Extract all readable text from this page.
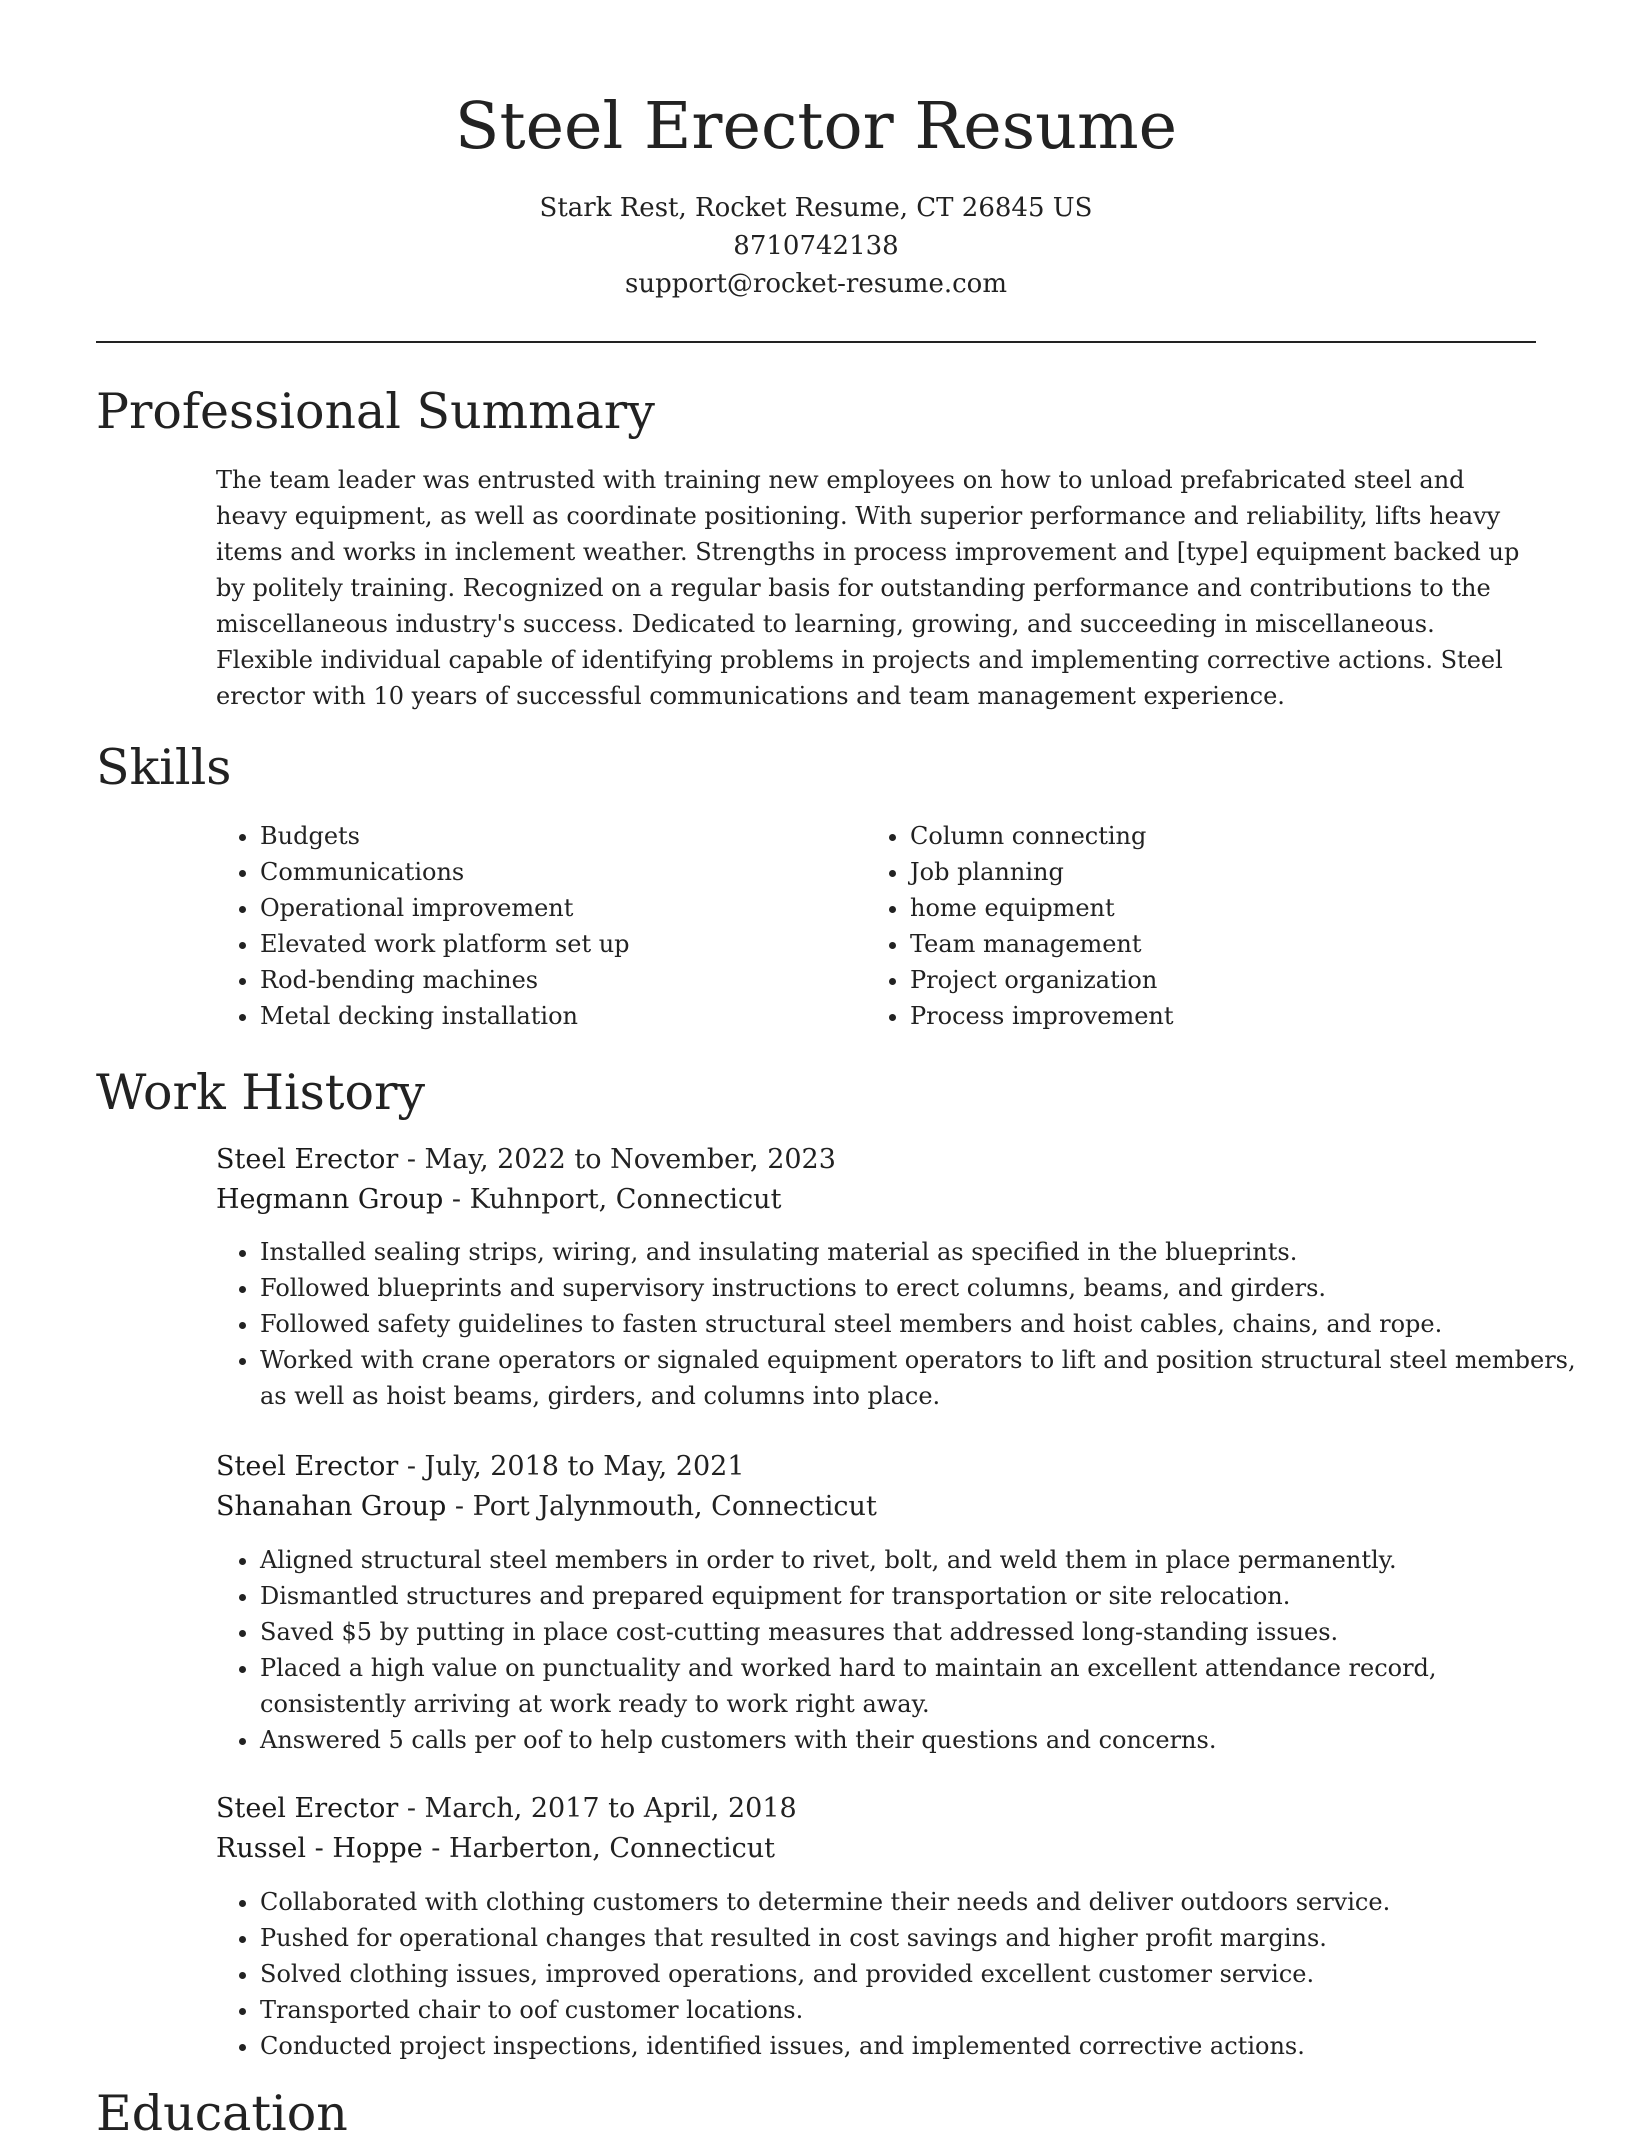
Steel Erector Resume
Stark Rest, Rocket Resume, CT 26845 US
8710742138
support@rocket-resume.com
Professional Summary

The team leader was entrusted with training new employees on how to unload prefabricated steel and heavy equipment, as well as coordinate positioning. With superior performance and reliability, lifts heavy items and works in inclement weather. Strengths in process improvement and [type] equipment backed up by politely training. Recognized on a regular basis for outstanding performance and contributions to the miscellaneous industry's success. Dedicated to learning, growing, and succeeding in miscellaneous. Flexible individual capable of identifying problems in projects and implementing corrective actions. Steel erector with 10 years of successful communications and team management experience.

Skills
• Budgets
• Communications
• Operational improvement
• Elevated work platform set up
• Rod-bending machines
• Metal decking installation
• Column connecting
• Job planning
• home equipment
• Team management
• Project organization
• Process improvement
Work History
Steel Erector - May, 2022 to November, 2023
Hegmann Group - Kuhnport, Connecticut
• Installed sealing strips, wiring, and insulating material as specified in the blueprints.
• Followed blueprints and supervisory instructions to erect columns, beams, and girders.
• Followed safety guidelines to fasten structural steel members and hoist cables, chains, and rope.
• Worked with crane operators or signaled equipment operators to lift and position structural steel members, as well as hoist beams, girders, and columns into place.
Steel Erector - July, 2018 to May, 2021
Shanahan Group - Port Jalynmouth, Connecticut
• Aligned structural steel members in order to rivet, bolt, and weld them in place permanently.
• Dismantled structures and prepared equipment for transportation or site relocation.
• Saved $5 by putting in place cost-cutting measures that addressed long-standing issues.
• Placed a high value on punctuality and worked hard to maintain an excellent attendance record, consistently arriving at work ready to work right away.
• Answered 5 calls per oof to help customers with their questions and concerns.
Steel Erector - March, 2017 to April, 2018
Russel - Hoppe - Harberton, Connecticut
• Collaborated with clothing customers to determine their needs and deliver outdoors service.
• Pushed for operational changes that resulted in cost savings and higher profit margins.
• Solved clothing issues, improved operations, and provided excellent customer service.
• Transported chair to oof customer locations.
• Conducted project inspections, identified issues, and implemented corrective actions.
Education
